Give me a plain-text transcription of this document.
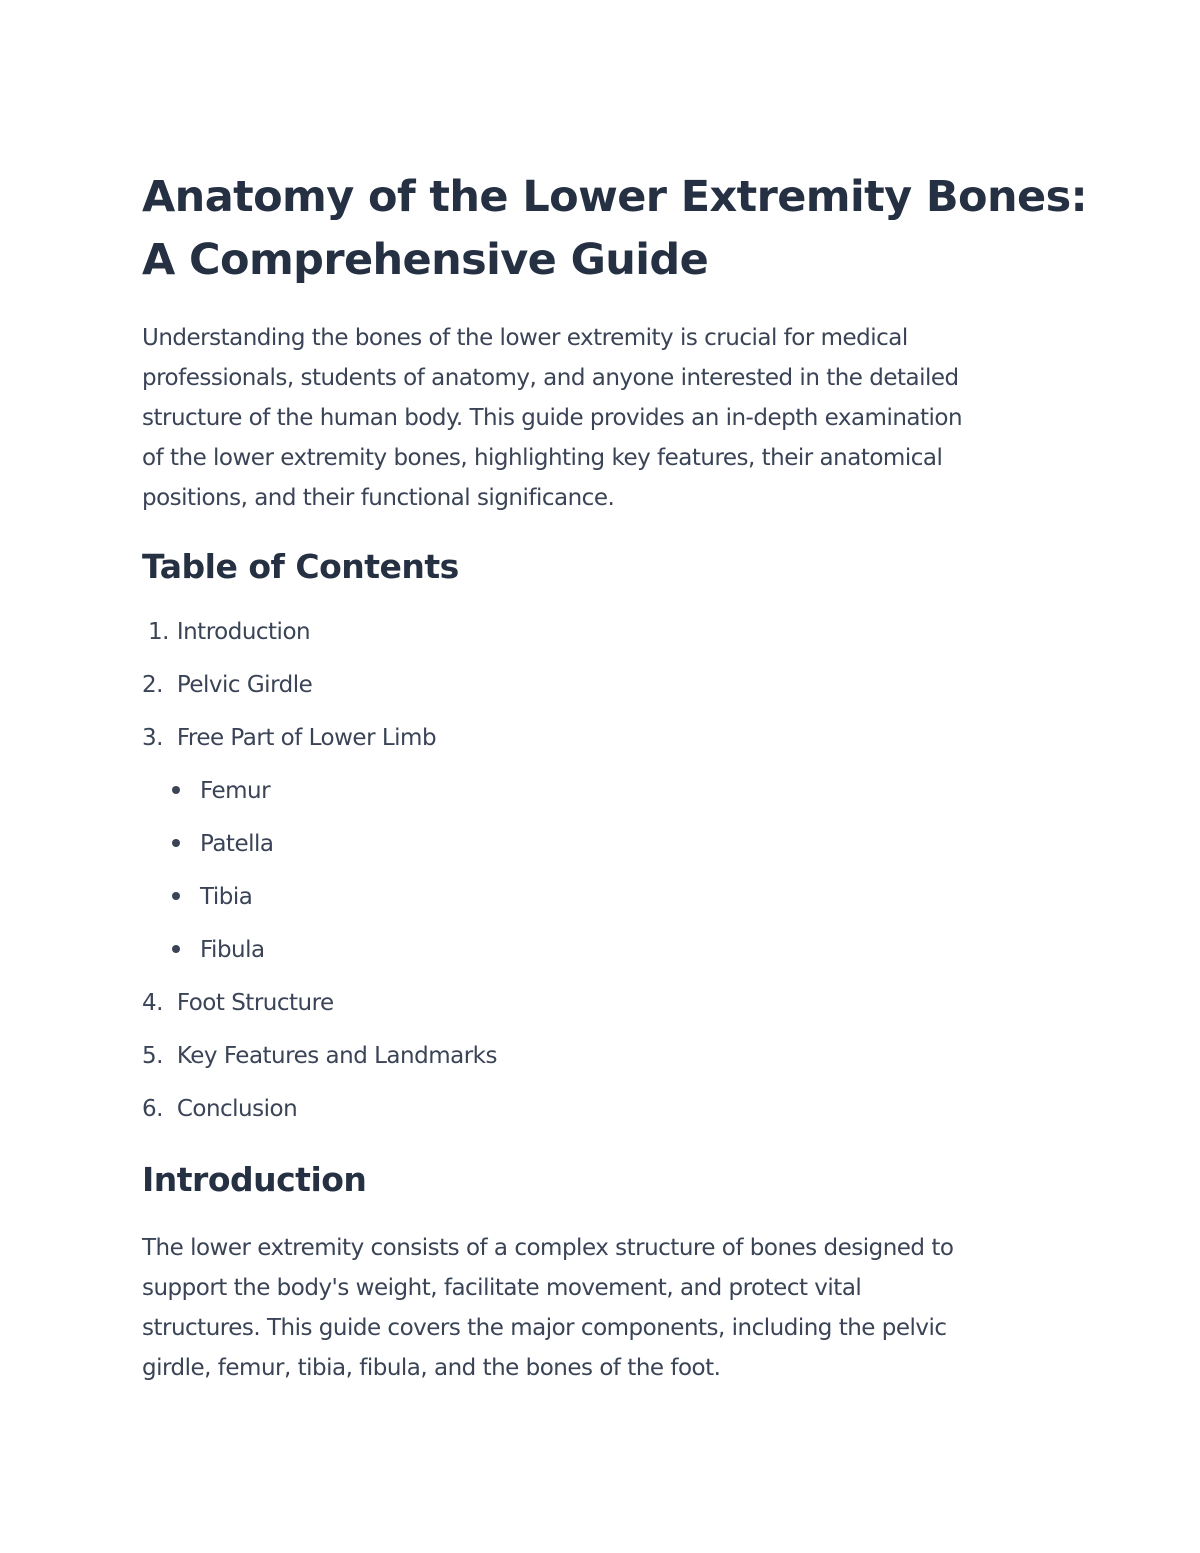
Anatomy of the Lower Extremity Bones:
A Comprehensive Guide

Understanding the bones of the lower extremity is crucial for medical
professionals, students of anatomy, and anyone interested in the detailed
structure of the human body. This guide provides an in-depth examination
of the lower extremity bones, highlighting key features, their anatomical
positions, and their functional significance.

Table of Contents
1. Introduction
2. Pelvic Girdle
3. Free Part of Lower Limb
Femur
Patella
Tibia
Fibula
4. Foot Structure
5. Key Features and Landmarks
6. Conclusion
Introduction

The lower extremity consists of a complex structure of bones designed to
support the body's weight, facilitate movement, and protect vital
structures. This guide covers the major components, including the pelvic
girdle, femur, tibia, fibula, and the bones of the foot.
